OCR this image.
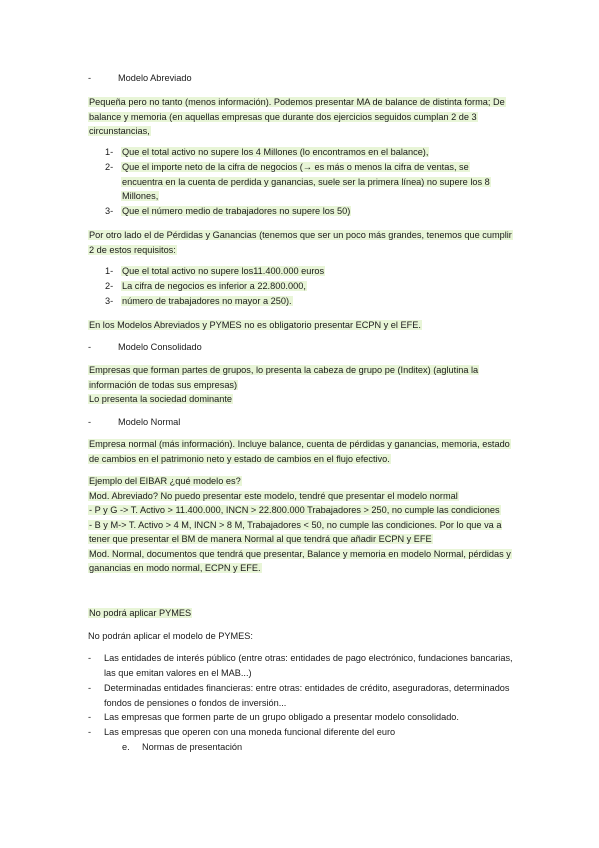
-	Modelo Abreviado
Pequeña pero no tanto (menos información). Podemos presentar MA de balance de distinta forma; De balance y memoria (en aquellas empresas que durante dos ejercicios seguidos cumplan 2 de 3 circunstancias,
1- Que el total activo no supere los 4 Millones (lo encontramos en el balance),
2- Que el importe neto de la cifra de negocios (→ es más o menos la cifra de ventas, se encuentra en la cuenta de perdida y ganancias, suele ser la primera línea) no supere los 8 Millones,
3- Que el número medio de trabajadores no supere los 50)
Por otro lado el de Pérdidas y Ganancias (tenemos que ser un poco más grandes, tenemos que cumplir 2 de estos requisitos:
1- Que el total activo no supere los11.400.000 euros
2- La cifra de negocios es inferior a 22.800.000,
3- número de trabajadores no mayor a 250).
En los Modelos Abreviados y PYMES no es obligatorio presentar ECPN y el EFE.
-	Modelo Consolidado
Empresas que forman partes de grupos, lo presenta la cabeza de grupo pe (Inditex) (aglutina la información de todas sus empresas)
Lo presenta la sociedad dominante
-	Modelo Normal
Empresa normal (más información). Incluye balance, cuenta de pérdidas y ganancias, memoria, estado de cambios en el patrimonio neto y estado de cambios en el flujo efectivo.
Ejemplo del EIBAR ¿qué modelo es?
Mod. Abreviado? No puedo presentar este modelo, tendré que presentar el modelo normal
- P y G -> T. Activo > 11.400.000, INCN > 22.800.000 Trabajadores > 250, no cumple las condiciones
- B y M-> T. Activo > 4 M, INCN > 8 M, Trabajadores < 50, no cumple las condiciones. Por lo que va a tener que presentar el BM de manera Normal al que tendrá que añadir ECPN y EFE
Mod. Normal, documentos que tendrá que presentar, Balance y memoria en modelo Normal, pérdidas y ganancias en modo normal, ECPN y EFE.
No podrá aplicar PYMES
No podrán aplicar el modelo de PYMES:
-	Las entidades de interés público (entre otras: entidades de pago electrónico, fundaciones bancarias, las que emitan valores en el MAB...)
-	Determinadas entidades financieras: entre otras: entidades de crédito, aseguradoras, determinados fondos de pensiones o fondos de inversión...
-	Las empresas que formen parte de un grupo obligado a presentar modelo consolidado.
-	Las empresas que operen con una moneda funcional diferente del euro
e.	Normas de presentación
